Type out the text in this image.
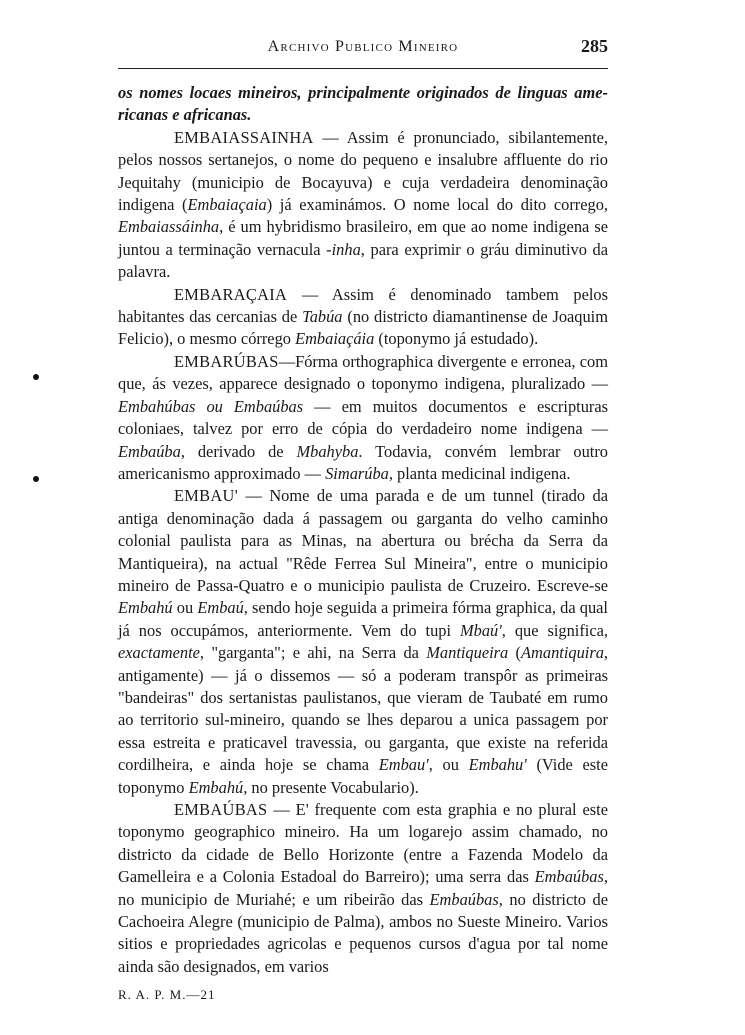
Archivo Publico Mineiro	285

os nomes locaes mineiros, principalmente originados de linguas ame-ricanas e africanas.

EMBAIASSAINHA — Assim é pronunciado, sibilantemente, pelos nossos sertanejos, o nome do pequeno e insalubre affluente do rio Jequitahy (municipio de Bocayuva) e cuja verdadeira denominação indigena (Embaiaçaia) já examinámos. O nome local do dito corrego, Embaiassáinha, é um hybridismo brasileiro, em que ao nome indigena se juntou a terminação vernacula -inha, para exprimir o gráu diminutivo da palavra.

EMBARAÇAIA — Assim é denominado tambem pelos habitantes das cercanias de Tabúa (no districto diamantinense de Joaquim Felicio), o mesmo córrego Embaiaçáia (toponymo já estudado).

EMBARÚBAS—Fórma orthographica divergente e erronea, com que, ás vezes, apparece designado o toponymo indigena, pluralizado — Embahúbas ou Embaúbas — em muitos documentos e escripturas coloniaes, talvez por erro de cópia do verdadeiro nome indigena — Embaúba, derivado de Mbahyba. Todavia, convém lembrar outro americanismo approximado — Simarúba, planta medicinal indigena.

EMBAU' — Nome de uma parada e de um tunnel (tirado da antiga denominação dada á passagem ou garganta do velho caminho colonial paulista para as Minas, na abertura ou brécha da Serra da Mantiqueira), na actual "Rêde Ferrea Sul Mineira", entre o municipio mineiro de Passa-Quatro e o municipio paulista de Cruzeiro. Escreve-se Embahú ou Embaú, sendo hoje seguida a primeira fórma graphica, da qual já nos occupámos, anteriormente. Vem do tupi Mbaú', que significa, exactamente, "garganta"; e ahi, na Serra da Mantiqueira (Amantiquira, antigamente) — já o dissemos — só a poderam transpôr as primeiras "bandeiras" dos sertanistas paulistanos, que vieram de Taubaté em rumo ao territorio sul-mineiro, quando se lhes deparou a unica passagem por essa estreita e praticavel travessia, ou garganta, que existe na referida cordilheira, e ainda hoje se chama Embau', ou Embahu' (Vide este toponymo Embahú, no presente Vocabulario).

EMBAÚBAS — E' frequente com esta graphia e no plural este toponymo geographico mineiro. Ha um logarejo assim chamado, no districto da cidade de Bello Horizonte (entre a Fazenda Modelo da Gamelleira e a Colonia Estadoal do Barreiro); uma serra das Embaúbas, no municipio de Muriahé; e um ribeirão das Embaúbas, no districto de Cachoeira Alegre (municipio de Palma), ambos no Sueste Mineiro. Varios sitios e propriedades agricolas e pequenos cursos d'agua por tal nome ainda são designados, em varios

R. A. P. M.—21
